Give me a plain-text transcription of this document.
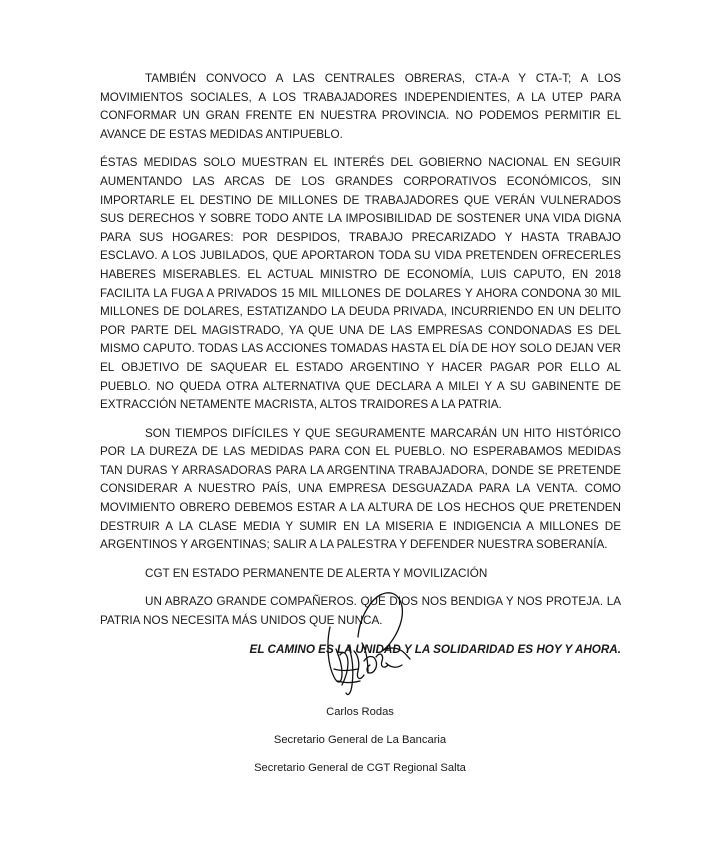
TAMBIÉN CONVOCO A LAS CENTRALES OBRERAS, CTA-A Y CTA-T; A LOS MOVIMIENTOS SOCIALES, A LOS TRABAJADORES INDEPENDIENTES, A LA UTEP PARA CONFORMAR UN GRAN FRENTE EN NUESTRA PROVINCIA. NO PODEMOS PERMITIR EL AVANCE DE ESTAS MEDIDAS ANTIPUEBLO.

ÉSTAS MEDIDAS SOLO MUESTRAN EL INTERÉS DEL GOBIERNO NACIONAL EN SEGUIR AUMENTANDO LAS ARCAS DE LOS GRANDES CORPORATIVOS ECONÓMICOS, SIN IMPORTARLE EL DESTINO DE MILLONES DE TRABAJADORES QUE VERÁN VULNERADOS SUS DERECHOS Y SOBRE TODO ANTE LA IMPOSIBILIDAD DE SOSTENER UNA VIDA DIGNA PARA SUS HOGARES: POR DESPIDOS, TRABAJO PRECARIZADO Y HASTA TRABAJO ESCLAVO. A LOS JUBILADOS, QUE APORTARON TODA SU VIDA PRETENDEN OFRECERLES HABERES MISERABLES. EL ACTUAL MINISTRO DE ECONOMÍA, LUIS CAPUTO, EN 2018 FACILITA LA FUGA A PRIVADOS 15 MIL MILLONES DE DOLARES Y AHORA CONDONA 30 MIL MILLONES DE DOLARES, ESTATIZANDO LA DEUDA PRIVADA, INCURRIENDO EN UN DELITO POR PARTE DEL MAGISTRADO, YA QUE UNA DE LAS EMPRESAS CONDONADAS ES DEL MISMO CAPUTO. TODAS LAS ACCIONES TOMADAS HASTA EL DÍA DE HOY SOLO DEJAN VER EL OBJETIVO DE SAQUEAR EL ESTADO ARGENTINO Y HACER PAGAR POR ELLO AL PUEBLO. NO QUEDA OTRA ALTERNATIVA QUE DECLARA A MILEI Y A SU GABINENTE DE EXTRACCIÓN NETAMENTE MACRISTA, ALTOS TRAIDORES A LA PATRIA.

SON TIEMPOS DIFÍCILES Y QUE SEGURAMENTE MARCARÁN UN HITO HISTÓRICO POR LA DUREZA DE LAS MEDIDAS PARA CON EL PUEBLO. NO ESPERABAMOS MEDIDAS TAN DURAS Y ARRASADORAS PARA LA ARGENTINA TRABAJADORA, DONDE SE PRETENDE CONSIDERAR A NUESTRO PAÍS, UNA EMPRESA DESGUAZADA PARA LA VENTA. COMO MOVIMIENTO OBRERO DEBEMOS ESTAR A LA ALTURA DE LOS HECHOS QUE PRETENDEN DESTRUIR A LA CLASE MEDIA Y SUMIR EN LA MISERIA E INDIGENCIA A MILLONES DE ARGENTINOS Y ARGENTINAS; SALIR A LA PALESTRA Y DEFENDER NUESTRA SOBERANÍA.

CGT EN ESTADO PERMANENTE DE ALERTA Y MOVILIZACIÓN

UN ABRAZO GRANDE COMPAÑEROS. QUE DIOS NOS BENDIGA Y NOS PROTEJA. LA PATRIA NOS NECESITA MÁS UNIDOS QUE NUNCA.

EL CAMINO ES LA UNIDAD Y LA SOLIDARIDAD ES HOY Y AHORA.

Carlos Rodas
Secretario General de La Bancaria
Secretario General de CGT Regional Salta
